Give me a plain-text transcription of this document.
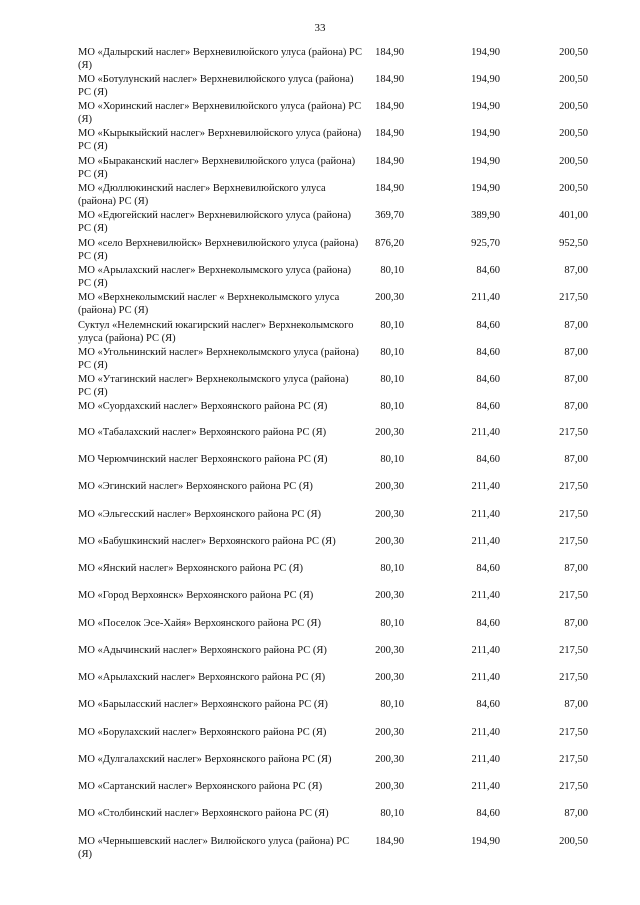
33
МО «Далырский наслег» Верхневилюйского улуса (района) РС (Я)
184,90	194,90	200,50
МО «Ботулунский наслег» Верхневилюйского улуса (района) РС (Я)
184,90	194,90	200,50
МО «Хоринский наслег» Верхневилюйского улуса (района) РС (Я)
184,90	194,90	200,50
МО «Кырыкыйский наслег» Верхневилюйского улуса (района) РС (Я)
184,90	194,90	200,50
МО «Быраканский наслег» Верхневилюйского улуса (района) РС (Я)
184,90	194,90	200,50
МО «Дюллюкинский наслег» Верхневилюйского улуса (района) РС (Я)
184,90	194,90	200,50
МО «Едюгейский наслег» Верхневилюйского улуса (района) РС (Я)
369,70	389,90	401,00
МО «село Верхневилюйск» Верхневилюйского улуса (района) РС (Я)
876,20	925,70	952,50
МО «Арылахский наслег» Верхнеколымского улуса (района) РС (Я)
80,10	84,60	87,00
МО «Верхнеколымский наслег « Верхнеколымского улуса (района) РС (Я)
200,30	211,40	217,50
Суктул «Нелемнский юкагирский наслег» Верхнеколымского улуса (района) РС (Я)
80,10	84,60	87,00
МО «Угольнинский наслег» Верхнеколымского улуса (района) РС (Я)
80,10	84,60	87,00
МО «Утагинский наслег» Верхнеколымского улуса (района) РС (Я)
80,10	84,60	87,00
МО «Суордахский наслег» Верхоянского района РС (Я)	80,10	84,60	87,00
МО «Табалахский наслег» Верхоянского района РС (Я)	200,30	211,40	217,50
МО Черюмчинский наслег Верхоянского района РС (Я)	80,10	84,60	87,00
МО «Эгинский наслег» Верхоянского района РС (Я)	200,30	211,40	217,50
МО «Эльгесский наслег» Верхоянского района РС (Я)	200,30	211,40	217,50
МО «Бабушкинский наслег» Верхоянского района РС (Я)	200,30	211,40	217,50
МО «Янский наслег» Верхоянского района РС (Я)	80,10	84,60	87,00
МО «Город Верхоянск» Верхоянского района РС (Я)	200,30	211,40	217,50
МО «Поселок Эсе-Хайя» Верхоянского района РС (Я)	80,10	84,60	87,00
МО «Адычинский наслег» Верхоянского района РС (Я)	200,30	211,40	217,50
МО «Арылахский наслег» Верхоянского района РС (Я)	200,30	211,40	217,50
МО «Барыласский наслег» Верхоянского района РС (Я)	80,10	84,60	87,00
МО «Борулахский наслег» Верхоянского района РС (Я)	200,30	211,40	217,50
МО «Дулгалахский наслег» Верхоянского района РС (Я)	200,30	211,40	217,50
МО «Сартанский наслег» Верхоянского района РС (Я)	200,30	211,40	217,50
МО «Столбинский наслег» Верхоянского района РС (Я)	80,10	84,60	87,00
МО «Чернышевский наслег» Вилюйского улуса (района) РС (Я)
184,90	194,90	200,50
